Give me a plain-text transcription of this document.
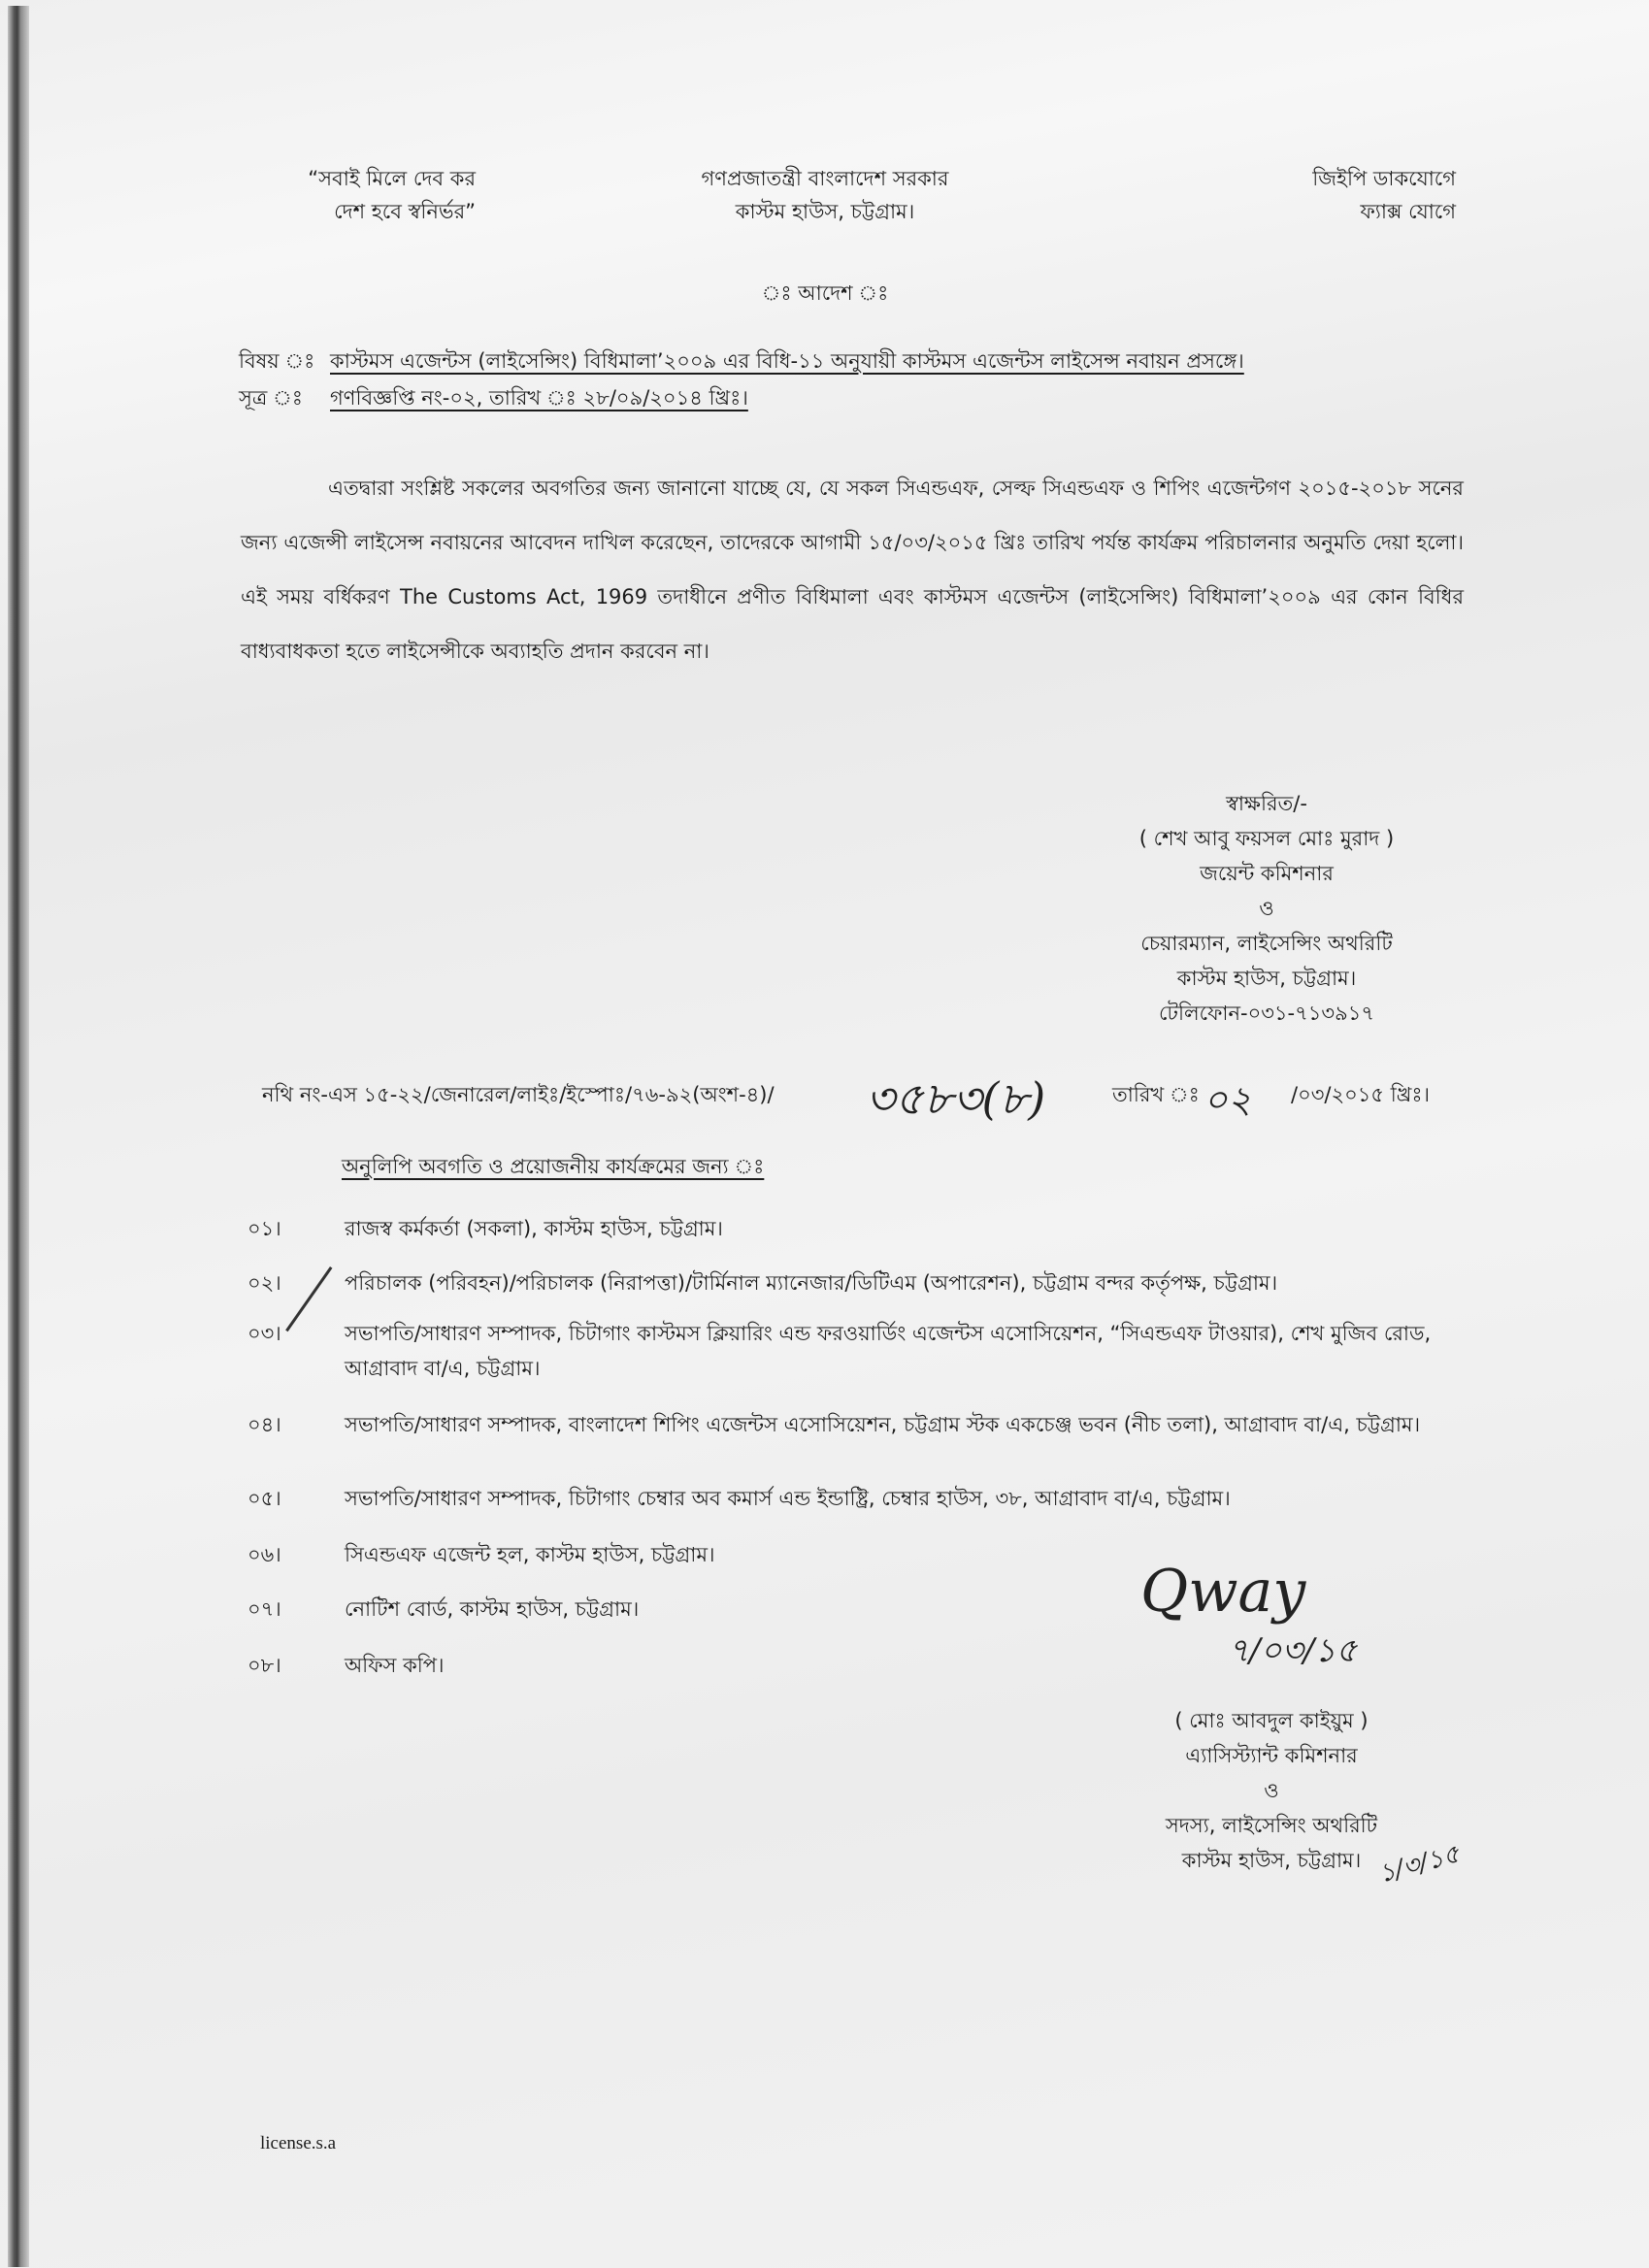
“সবাই মিলে দেব কর
দেশ হবে স্বনির্ভর”
গণপ্রজাতন্ত্রী বাংলাদেশ সরকার
কাস্টম হাউস, চট্টগ্রাম।
জিইপি ডাকযোগে
ফ্যাক্স যোগে
ঃ আদেশ ঃ
বিষয় ঃ কাস্টমস এজেন্টস (লাইসেন্সিং) বিধিমালা’২০০৯ এর বিধি-১১ অনুযায়ী কাস্টমস এজেন্টস লাইসেন্স নবায়ন প্রসঙ্গে।
সূত্র ঃ গণবিজ্ঞপ্তি নং-০২, তারিখ ঃ ২৮/০৯/২০১৪ খ্রিঃ।
এতদ্বারা সংশ্লিষ্ট সকলের অবগতির জন্য জানানো যাচ্ছে যে, যে সকল সিএন্ডএফ, সেল্ফ সিএন্ডএফ ও শিপিং এজেন্টগণ ২০১৫-২০১৮ সনের জন্য এজেন্সী লাইসেন্স নবায়নের আবেদন দাখিল করেছেন, তাদেরকে আগামী ১৫/০৩/২০১৫ খ্রিঃ তারিখ পর্যন্ত কার্যক্রম পরিচালনার অনুমতি দেয়া হলো। এই সময় বর্ধিকরণ The Customs Act, 1969 তদাধীনে প্রণীত বিধিমালা এবং কাস্টমস এজেন্টস (লাইসেন্সিং) বিধিমালা’২০০৯ এর কোন বিধির বাধ্যবাধকতা হতে লাইসেন্সীকে অব্যাহতি প্রদান করবেন না।
স্বাক্ষরিত/-
( শেখ আবু ফয়সল মোঃ মুরাদ )
জয়েন্ট কমিশনার
ও
চেয়ারম্যান, লাইসেন্সিং অথরিটি
কাস্টম হাউস, চট্টগ্রাম।
টেলিফোন-০৩১-৭১৩৯১৭
নথি নং-এস ১৫-২২/জেনারেল/লাইঃ/ইস্পোঃ/৭৬-৯২(অংশ-৪)/ ৩৫৮৩(৮)	তারিখ ঃ ০২ /০৩/২০১৫ খ্রিঃ।
অনুলিপি অবগতি ও প্রয়োজনীয় কার্যক্রমের জন্য ঃ
০১।	রাজস্ব কর্মকর্তা (সকলা), কাস্টম হাউস, চট্টগ্রাম।
০২।	পরিচালক (পরিবহন)/পরিচালক (নিরাপত্তা)/টার্মিনাল ম্যানেজার/ডিটিএম (অপারেশন), চট্টগ্রাম বন্দর কর্তৃপক্ষ, চট্টগ্রাম।
০৩।	সভাপতি/সাধারণ সম্পাদক, চিটাগাং কাস্টমস ক্লিয়ারিং এন্ড ফরওয়ার্ডিং এজেন্টস এসোসিয়েশন, “সিএন্ডএফ টাওয়ার), শেখ মুজিব রোড, আগ্রাবাদ বা/এ, চট্টগ্রাম।
০৪।	সভাপতি/সাধারণ সম্পাদক, বাংলাদেশ শিপিং এজেন্টস এসোসিয়েশন, চট্টগ্রাম স্টক একচেঞ্জ ভবন (নীচ তলা), আগ্রাবাদ বা/এ, চট্টগ্রাম।
০৫।	সভাপতি/সাধারণ সম্পাদক, চিটাগাং চেম্বার অব কমার্স এন্ড ইন্ডাষ্ট্রি, চেম্বার হাউস, ৩৮, আগ্রাবাদ বা/এ, চট্টগ্রাম।
০৬।	সিএন্ডএফ এজেন্ট হল, কাস্টম হাউস, চট্টগ্রাম।
০৭।	নোটিশ বোর্ড, কাস্টম হাউস, চট্টগ্রাম।
০৮।	অফিস কপি।
Qway
৭/০৩/১৫
( মোঃ আবদুল কাইয়ুম )
এ্যাসিস্ট্যান্ট কমিশনার
ও
সদস্য, লাইসেন্সিং অথরিটি
কাস্টম হাউস, চট্টগ্রাম। ১/৩/১৫
license.s.a
